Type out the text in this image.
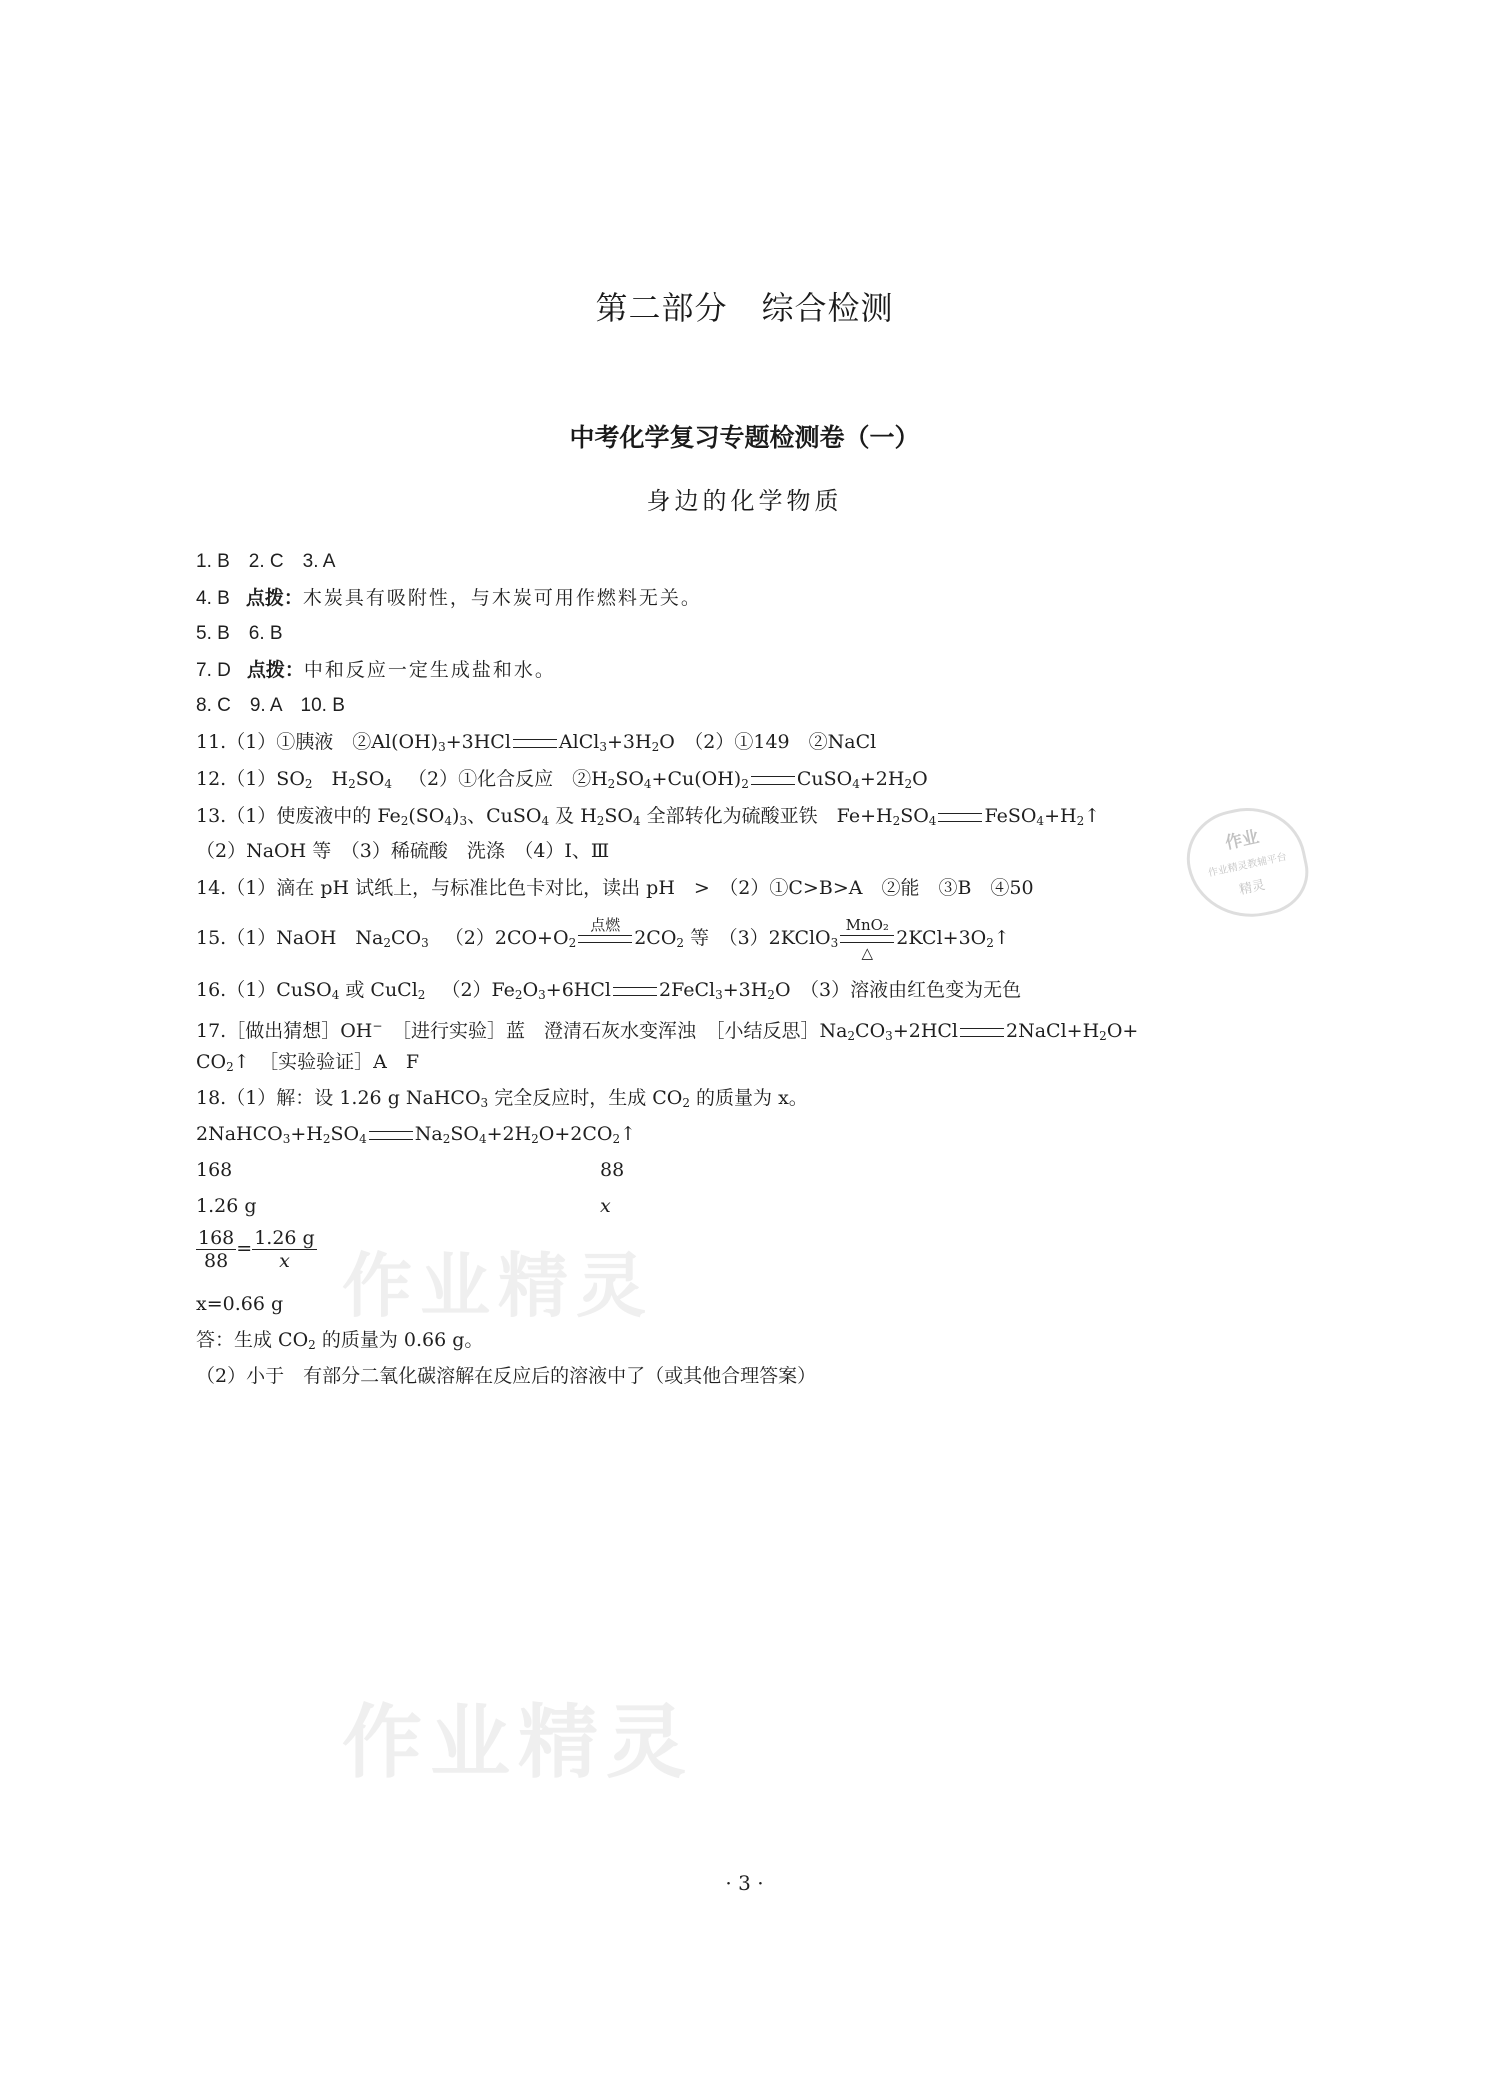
第二部分 综合检测
中考化学复习专题检测卷（一）
身边的化学物质
1. B　2. C　3. A
4. B 点拨：木炭具有吸附性，与木炭可用作燃料无关。
5. B　6. B
7. D 点拨：中和反应一定生成盐和水。
8. C　9. A　10. B
11.（1）①胰液　$②Al(OH)_3+3HCl$	$AlCl_3+3H_2O$　（2）①149　②NaCl
$12.(1)SO_2$　$H_2SO_4$ （2）①化合反应　$②H_2SO_4+Cu(OH)_2$	$CuSO_4+2H_2O$
13.（1）使废液中的 $Fe_2(SO_4)_3$、CuSO$_4$ 及 $H_2SO_4$ 全部转化为硫酸亚铁　$Fe+H_2SO_4$	$FeSO_4+H_2↑$
（2）NaOH 等　（3）稀硫酸　洗涤　（4）Ⅰ、Ⅲ
14.（1）滴在 pH 试纸上，与标准比色卡对比，读出 pH　>　（2）①C>B>A　②能　③B　④50
15.（1）NaOH　$Na_2CO_3$ $(2)2CO+O_2$
点燃
$2CO_2$ 等　（3）2KClO$_3$
MnO₂
△
$2KCl+3O_2↑$
16.（1）CuSO$_4$ 或 CuCl$_2$ $(2)Fe_2O_3+6HCl$	$2FeCl_3+3H_2O$　（3）溶液由红色变为无色
17.［做出猜想］OH−　［进行实验］蓝　澄清石灰水变浑浊　［小结反思$]Na_2CO_3+2HCl$	$2NaCl+H_2O+$
$CO_2↑$　［实验验证］A　F
18.（1）解：设 1.26 g NaHCO$_3$ 完全反应时，生成 $CO_2$ 的质量为 x。
$2NaHCO_3+H_2SO_4$	$Na_2SO_4+2H_2O+2CO_2↑$
168	88
1.26 g	x
$\frac{168}{88} = \frac{1.26 g}{x}$
x=0.66 g
答：生成 $CO_2$ 的质量为 0.66 g。
（2）小于　有部分二氧化碳溶解在反应后的溶液中了（或其他合理答案）
作业精灵
作业精灵
作业
作业精灵教辅平台
精灵
· 3 ·
